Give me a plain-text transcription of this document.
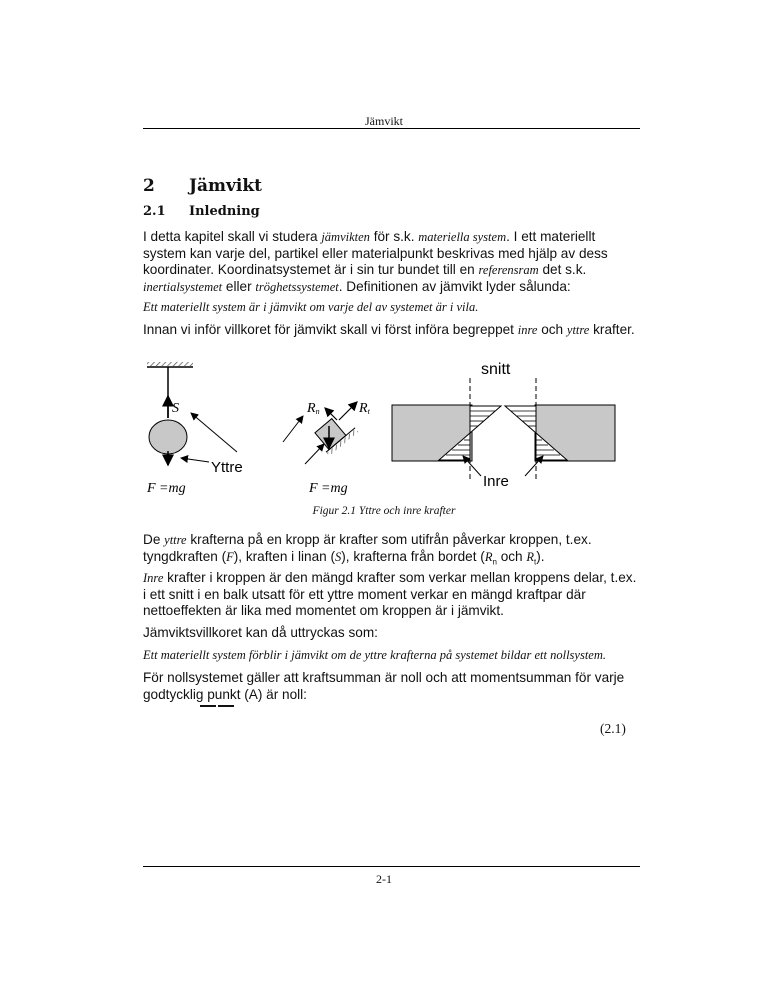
Jämvikt
2 Jämvikt
2.1 Inledning

I detta kapitel skall vi studera jämvikten för s.k. materiella system. I ett materiellt system kan varje del, partikel eller materialpunkt beskrivas med hjälp av dess koordinater. Koordinatsystemet är i sin tur bundet till en referensram det s.k. inertialsystemet eller tröghetssystemet. Definitionen av jämvikt lyder sålunda:

Ett materiellt system är i jämvikt om varje del av systemet är i vila.

Innan vi inför villkoret för jämvikt skall vi först införa begreppet inre och yttre krafter.

S
Yttre
F =mg
Rn	Rt
F =mg
snitt
Inre
Figur 2.1 Yttre och inre krafter

De yttre krafterna på en kropp är krafter som utifrån påverkar kroppen, t.ex. tyngdkraften (F), kraften i linan (S), krafterna från bordet ($R_n$ och $R_t$).

Inre krafter i kroppen är den mängd krafter som verkar mellan kroppens delar, t.ex. i ett snitt i en balk utsatt för ett yttre moment verkar en mängd kraftpar där nettoeffekten är lika med momentet om kroppen är i jämvikt.

Jämviktsvillkoret kan då uttryckas som:

Ett materiellt system förblir i jämvikt om de yttre krafterna på systemet bildar ett nollsystem.

För nollsystemet gäller att kraftsumman är noll och att momentsumman för varje godtycklig punkt (A) är noll:

(2.1)
2-1
